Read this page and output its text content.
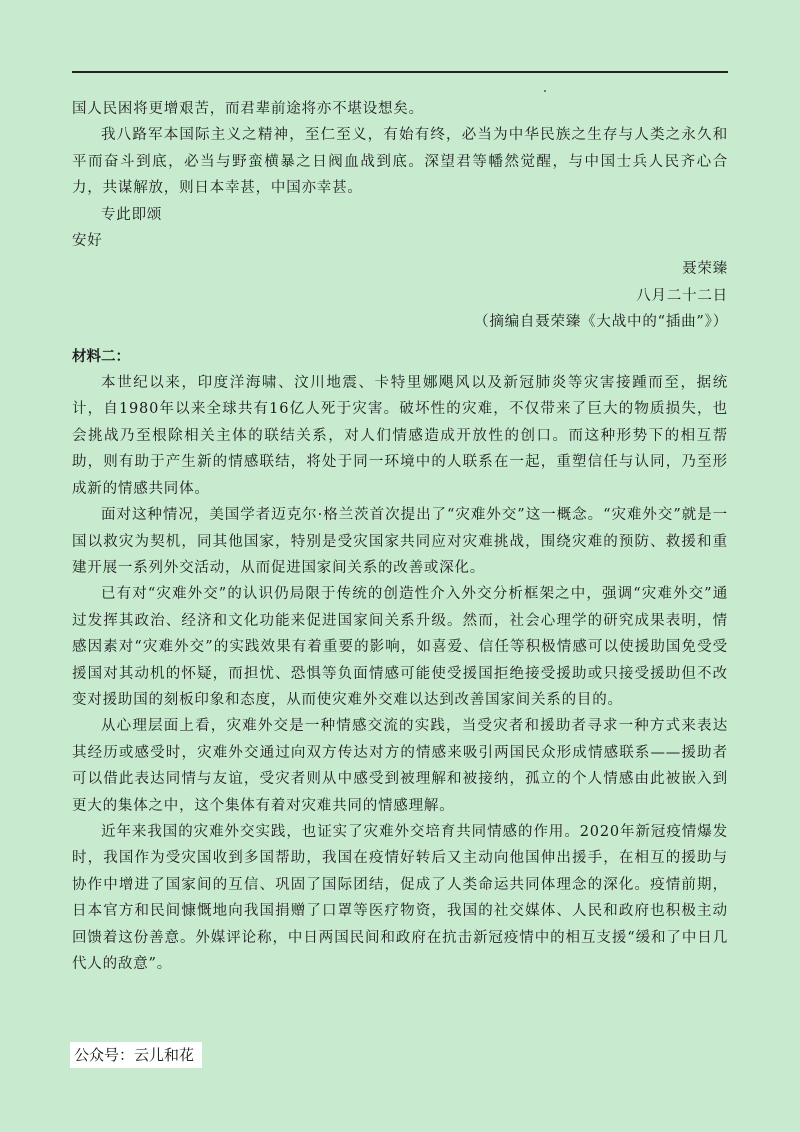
国人民困将更增艰苦，而君辈前途将亦不堪设想矣。

我八路军本国际主义之精神，至仁至义，有始有终，必当为中华民族之生存与人类之永久和平而奋斗到底，必当与野蛮横暴之日阀血战到底。深望君等幡然觉醒，与中国士兵人民齐心合力，共谋解放，则日本幸甚，中国亦幸甚。

专此即颂

安好

聂荣臻

八月二十二日

（摘编自聂荣臻《大战中的“插曲”》）

材料二：

本世纪以来，印度洋海啸、汶川地震、卡特里娜飓风以及新冠肺炎等灾害接踵而至，据统计，自1980年以来全球共有16亿人死于灾害。破坏性的灾难，不仅带来了巨大的物质损失，也会挑战乃至根除相关主体的联结关系，对人们情感造成开放性的创口。而这种形势下的相互帮助，则有助于产生新的情感联结，将处于同一环境中的人联系在一起，重塑信任与认同，乃至形成新的情感共同体。

面对这种情况，美国学者迈克尔·格兰茨首次提出了“灾难外交”这一概念。“灾难外交”就是一国以救灾为契机，同其他国家，特别是受灾国家共同应对灾难挑战，围绕灾难的预防、救援和重建开展一系列外交活动，从而促进国家间关系的改善或深化。

已有对“灾难外交”的认识仍局限于传统的创造性介入外交分析框架之中，强调“灾难外交”通过发挥其政治、经济和文化功能来促进国家间关系升级。然而，社会心理学的研究成果表明，情感因素对“灾难外交”的实践效果有着重要的影响，如喜爱、信任等积极情感可以使援助国免受受援国对其动机的怀疑，而担忧、恐惧等负面情感可能使受援国拒绝接受援助或只接受援助但不改变对援助国的刻板印象和态度，从而使灾难外交难以达到改善国家间关系的目的。

从心理层面上看，灾难外交是一种情感交流的实践，当受灾者和援助者寻求一种方式来表达其经历或感受时，灾难外交通过向双方传达对方的情感来吸引两国民众形成情感联系——援助者可以借此表达同情与友谊，受灾者则从中感受到被理解和被接纳，孤立的个人情感由此被嵌入到更大的集体之中，这个集体有着对灾难共同的情感理解。

近年来我国的灾难外交实践，也证实了灾难外交培育共同情感的作用。2020年新冠疫情爆发时，我国作为受灾国收到多国帮助，我国在疫情好转后又主动向他国伸出援手，在相互的援助与协作中增进了国家间的互信、巩固了国际团结，促成了人类命运共同体理念的深化。疫情前期，日本官方和民间慷慨地向我国捐赠了口罩等医疗物资，我国的社交媒体、人民和政府也积极主动回馈着这份善意。外媒评论称，中日两国民间和政府在抗击新冠疫情中的相互支援“缓和了中日几代人的敌意”。

公众号：云儿和花
